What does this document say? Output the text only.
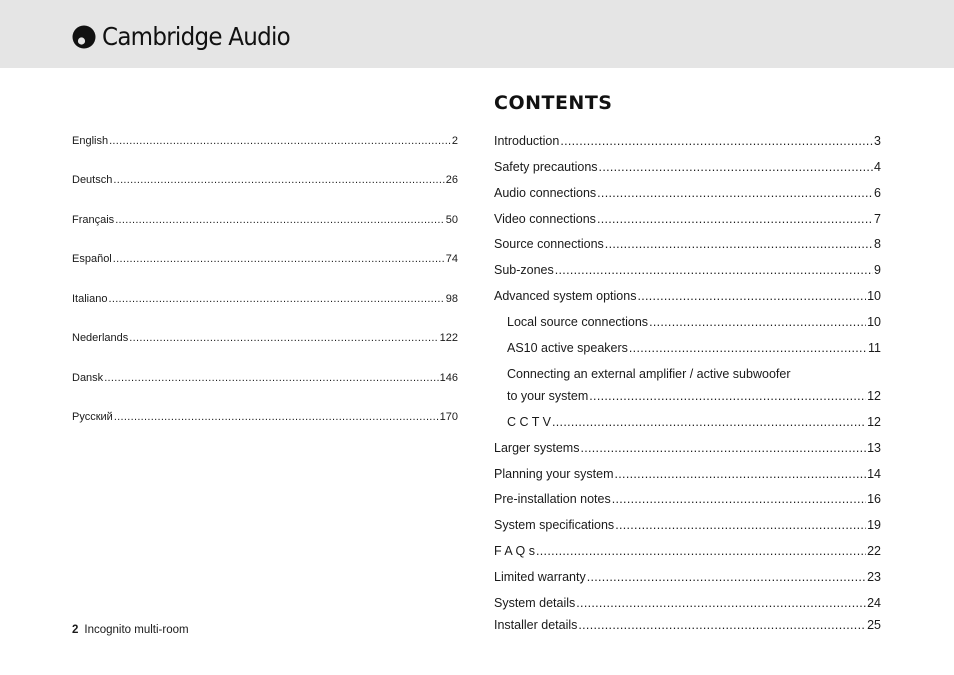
Cambridge Audio
CONTENTS
English .....	2
Deutsch .....	26
Français .....	50
Español .....	74
Italiano .....	98
Nederlands .....	122
Dansk .....	146
Русский .....	170
Introduction .....	3
Safety precautions .....	4
Audio connections .....	6
Video connections .....	7
Source connections .....	8
Sub-zones .....	9
Advanced system options .....	10
Local source connections .....	10
AS10 active speakers .....	11
Connecting an external amplifier / active subwoofer
to your system .....	12
C C T V .....	12
Larger systems .....	13
Planning your system .....	14
Pre-installation notes .....	16
System specifications .....	19
F A Q s .....	22
Limited warranty .....	23
System details .....	24
Installer details .....	25
2 Incognito multi-room
